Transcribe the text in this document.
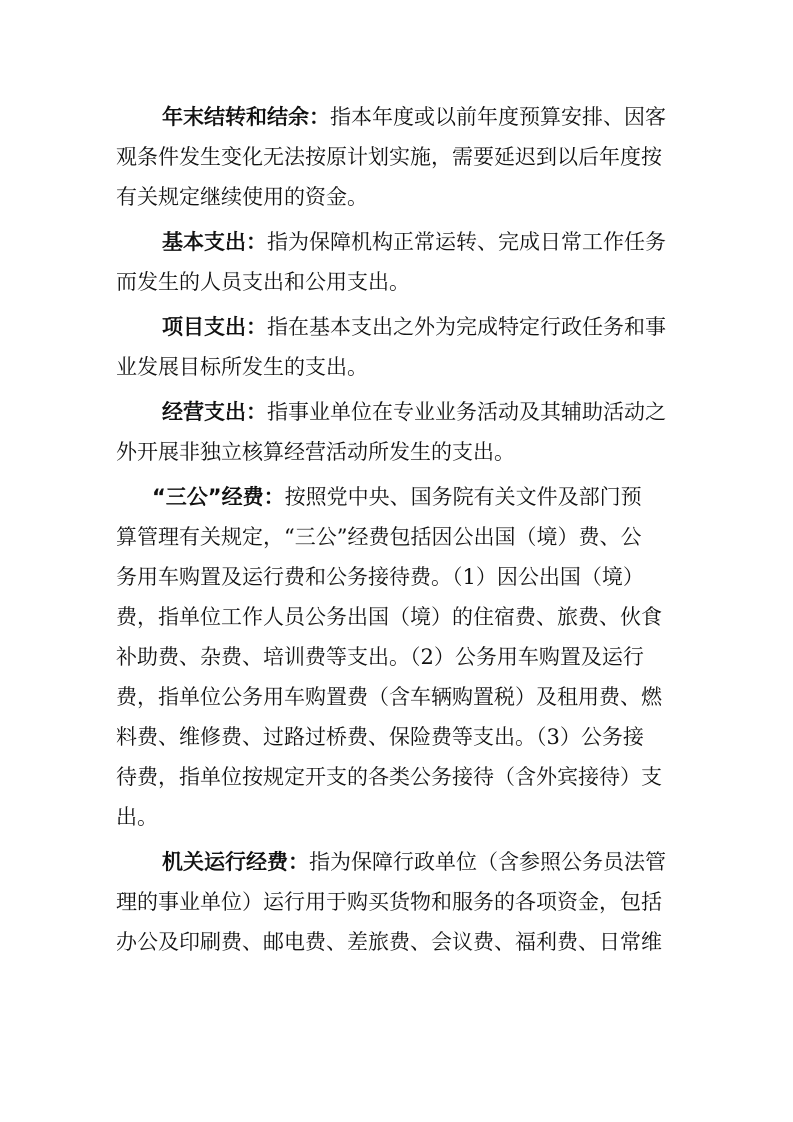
年末结转和结余：指本年度或以前年度预算安排、因客
观条件发生变化无法按原计划实施，需要延迟到以后年度按
有关规定继续使用的资金。
基本支出：指为保障机构正常运转、完成日常工作任务
而发生的人员支出和公用支出。
项目支出：指在基本支出之外为完成特定行政任务和事
业发展目标所发生的支出。
经营支出：指事业单位在专业业务活动及其辅助活动之
外开展非独立核算经营活动所发生的支出。
“三公”经费：按照党中央、国务院有关文件及部门预
算管理有关规定，“三公”经费包括因公出国（境）费、公
务用车购置及运行费和公务接待费。（1）因公出国（境）
费，指单位工作人员公务出国（境）的住宿费、旅费、伙食
补助费、杂费、培训费等支出。（2）公务用车购置及运行
费，指单位公务用车购置费（含车辆购置税）及租用费、燃
料费、维修费、过路过桥费、保险费等支出。（3）公务接
待费，指单位按规定开支的各类公务接待（含外宾接待）支
出。
机关运行经费：指为保障行政单位（含参照公务员法管
理的事业单位）运行用于购买货物和服务的各项资金，包括
办公及印刷费、邮电费、差旅费、会议费、福利费、日常维
